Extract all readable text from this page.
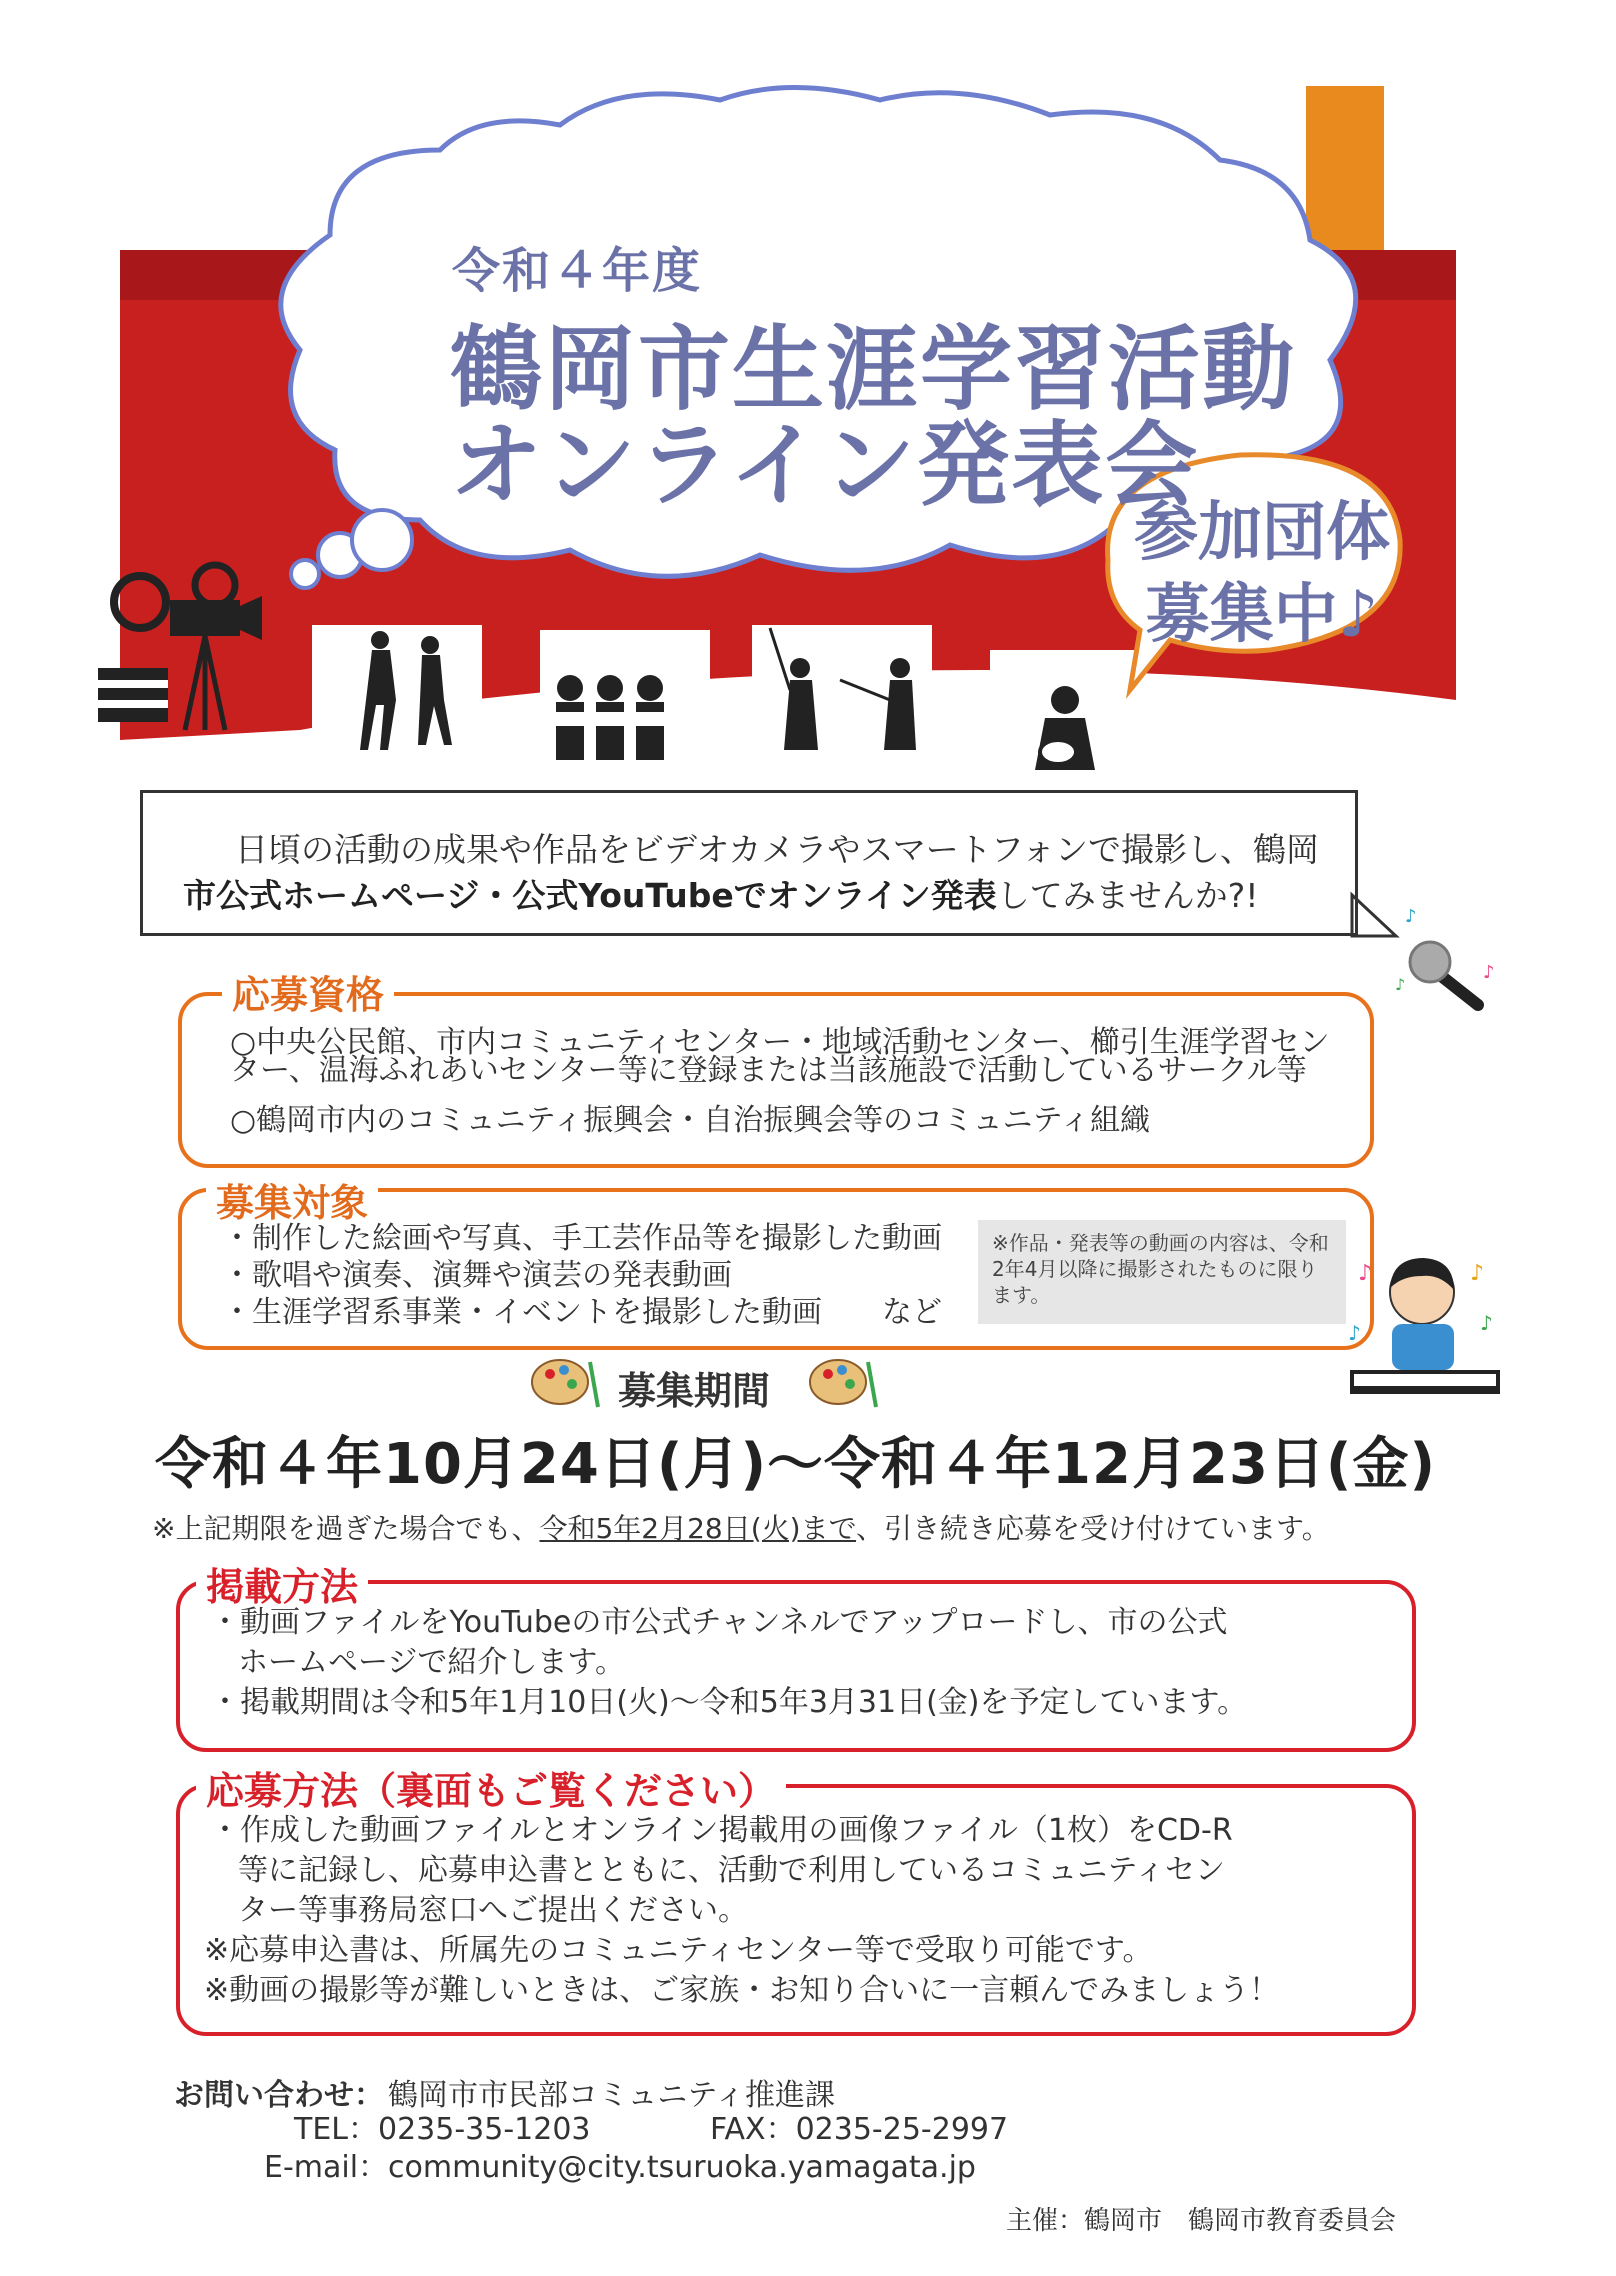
♪
♪
♪
令和４年度
鶴岡市生涯学習活動
オンライン発表会
参加団体
募集中♪
日頃の活動の成果や作品をビデオカメラやスマートフォンで撮影し、鶴岡
市公式ホームページ・公式YouTubeでオンライン発表してみませんか?!
応募資格
○中央公民館、市内コミュニティセンター・地域活動センター、櫛引生涯学習セン
ター、温海ふれあいセンター等に登録または当該施設で活動しているサークル等
○鶴岡市内のコミュニティ振興会・自治振興会等のコミュニティ組織
募集対象
・制作した絵画や写真、手工芸作品等を撮影した動画
・歌唱や演奏、演舞や演芸の発表動画
・生涯学習系事業・イベントを撮影した動画　　など
※作品・発表等の動画の内容は、令和2年4月以降に撮影されたものに限ります。
♪	♪
♪
♪
募集期間
令和４年10月24日(月)～令和４年12月23日(金)
※上記期限を過ぎた場合でも、令和5年2月28日(火)まで、引き続き応募を受け付けています。
掲載方法
・動画ファイルをYouTubeの市公式チャンネルでアップロードし、市の公式
ホームページで紹介します。
・掲載期間は令和5年1月10日(火)～令和5年3月31日(金)を予定しています。
応募方法（裏面もご覧ください）
・作成した動画ファイルとオンライン掲載用の画像ファイル（1枚）をCD-R
等に記録し、応募申込書とともに、活動で利用しているコミュニティセン
ター等事務局窓口へご提出ください。
※応募申込書は、所属先のコミュニティセンター等で受取り可能です。
※動画の撮影等が難しいときは、ご家族・お知り合いに一言頼んでみましょう！
お問い合わせ： 鶴岡市市民部コミュニティ推進課
TEL：0235-35-1203	FAX：0235-25-2997
E-mail：community@city.tsuruoka.yamagata.jp
主催：鶴岡市　鶴岡市教育委員会
